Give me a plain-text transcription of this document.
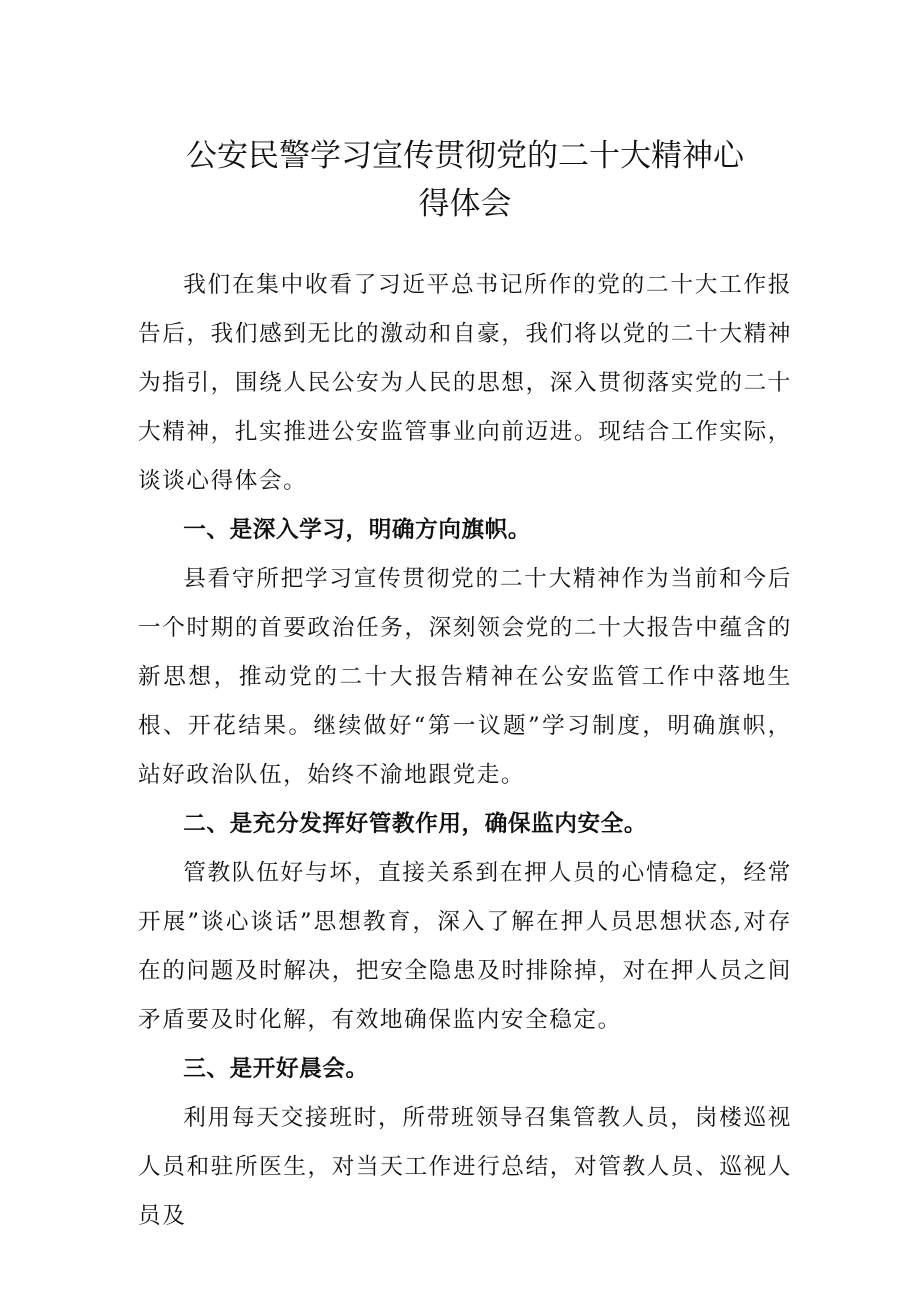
公安民警学习宣传贯彻党的二十大精神心
得体会

我们在集中收看了习近平总书记所作的党的二十大工作报告后，我们感到无比的激动和自豪，我们将以党的二十大精神为指引，围绕人民公安为人民的思想，深入贯彻落实党的二十大精神，扎实推进公安监管事业向前迈进。现结合工作实际，谈谈心得体会。

一、是深入学习，明确方向旗帜。

县看守所把学习宣传贯彻党的二十大精神作为当前和今后一个时期的首要政治任务，深刻领会党的二十大报告中蕴含的新思想，推动党的二十大报告精神在公安监管工作中落地生根、开花结果。继续做好“第一议题”学习制度，明确旗帜，站好政治队伍，始终不渝地跟党走。

二、是充分发挥好管教作用，确保监内安全。

管教队伍好与坏，直接关系到在押人员的心情稳定，经常开展”谈心谈话”思想教育，深入了解在押人员思想状态,对存在的问题及时解决，把安全隐患及时排除掉，对在押人员之间矛盾要及时化解，有效地确保监内安全稳定。

三、是开好晨会。

利用每天交接班时，所带班领导召集管教人员，岗楼巡视人员和驻所医生，对当天工作进行总结，对管教人员、巡视人员及
